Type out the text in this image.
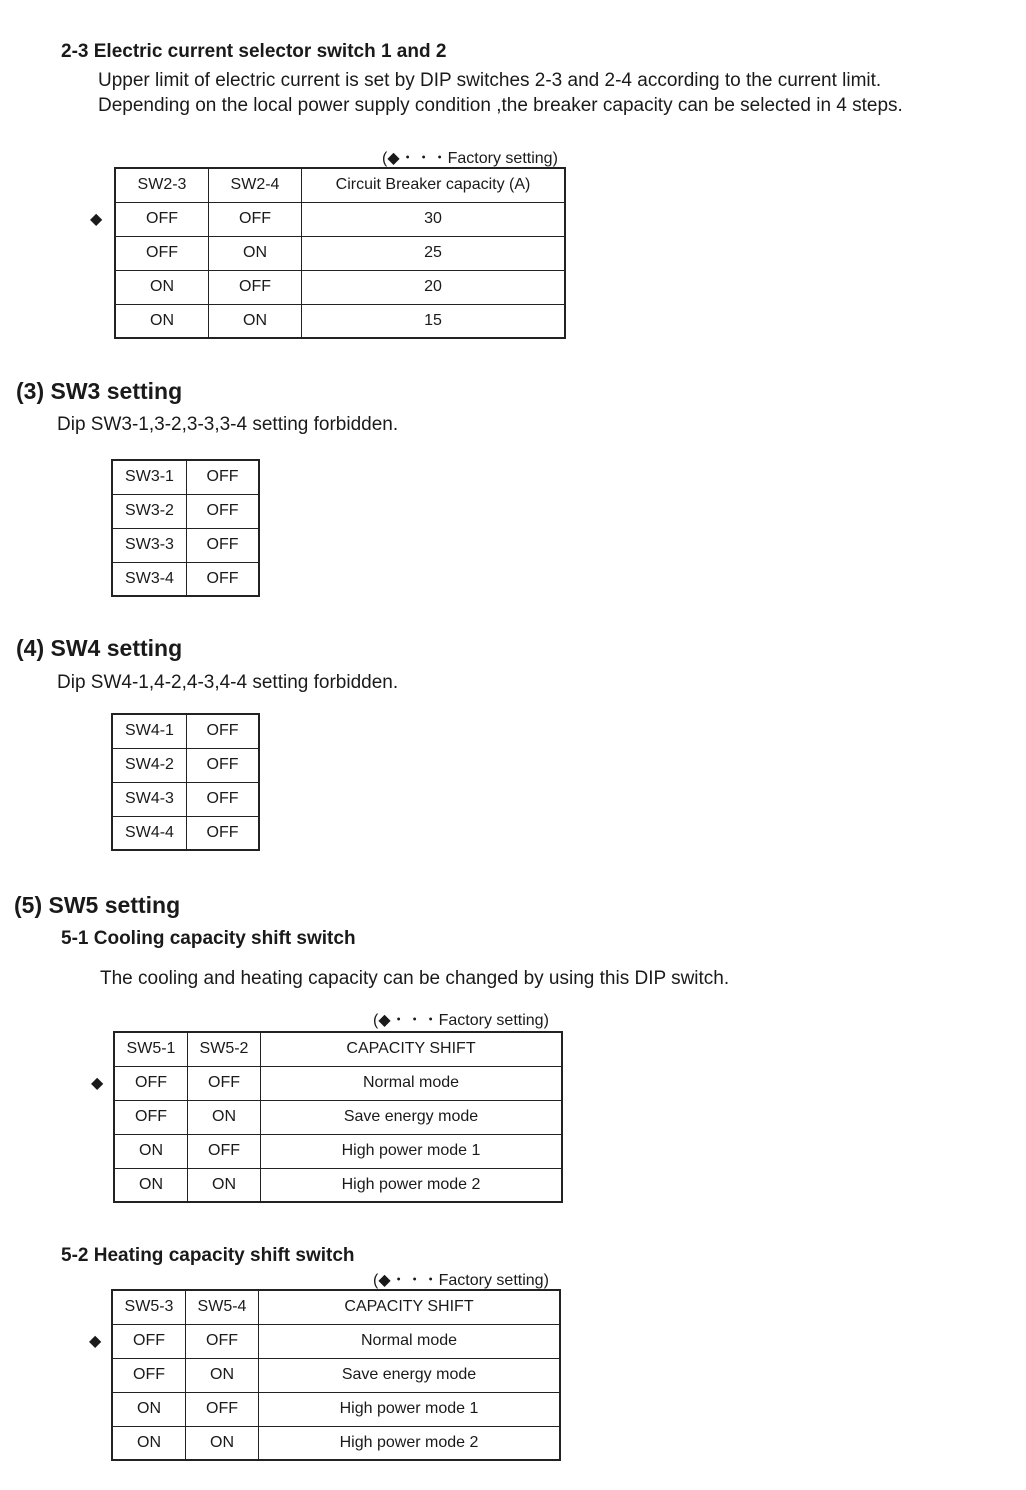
2-3 Electric current selector switch 1 and 2
Upper limit of electric current is set by DIP switches 2-3 and 2-4 according to the current limit.
Depending on the local power supply condition ,the breaker capacity can be selected in 4 steps.
(◆・・・Factory setting)
◆
SW2-3	SW2-4	Circuit Breaker capacity (A)
OFF	OFF	30
OFF	ON	25
ON	OFF	20
ON	ON	15
(3) SW3 setting
Dip SW3-1,3-2,3-3,3-4 setting forbidden.
SW3-1	OFF
SW3-2	OFF
SW3-3	OFF
SW3-4	OFF
(4) SW4 setting
Dip SW4-1,4-2,4-3,4-4 setting forbidden.
SW4-1	OFF
SW4-2	OFF
SW4-3	OFF
SW4-4	OFF
(5) SW5 setting
5-1 Cooling capacity shift switch
The cooling and heating capacity can be changed by using this DIP switch.
(◆・・・Factory setting)
◆
SW5-1	SW5-2	CAPACITY SHIFT
OFF	OFF	Normal mode
OFF	ON	Save energy mode
ON	OFF	High power mode 1
ON	ON	High power mode 2
5-2 Heating capacity shift switch
(◆・・・Factory setting)
◆
SW5-3	SW5-4	CAPACITY SHIFT
OFF	OFF	Normal mode
OFF	ON	Save energy mode
ON	OFF	High power mode 1
ON	ON	High power mode 2
